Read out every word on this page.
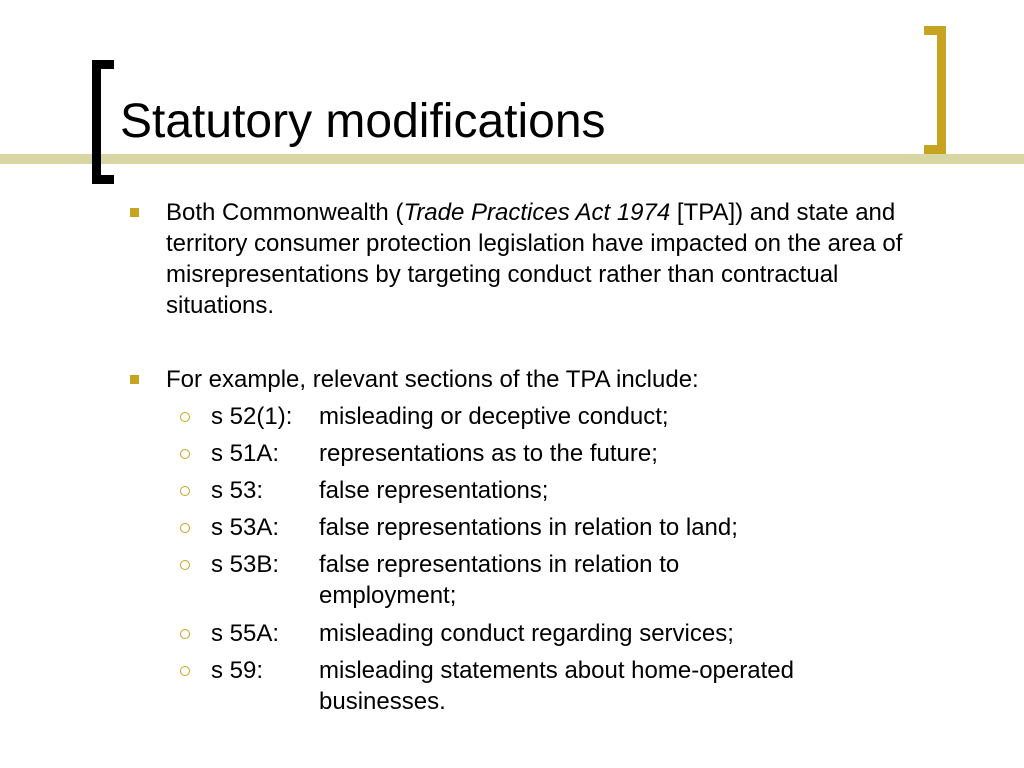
Statutory modifications

Both Commonwealth (Trade Practices Act 1974 [TPA]) and state and territory consumer protection legislation have impacted on the area of misrepresentations by targeting conduct rather than contractual situations.

For example, relevant sections of the TPA include:

s 52(1): misleading or deceptive conduct;
s 51A: representations as to the future;
s 53: false representations;
s 53A: false representations in relation to land;
s 53B: false representations in relation to employment;
s 55A: misleading conduct regarding services;
s 59: misleading statements about home-operated businesses.
